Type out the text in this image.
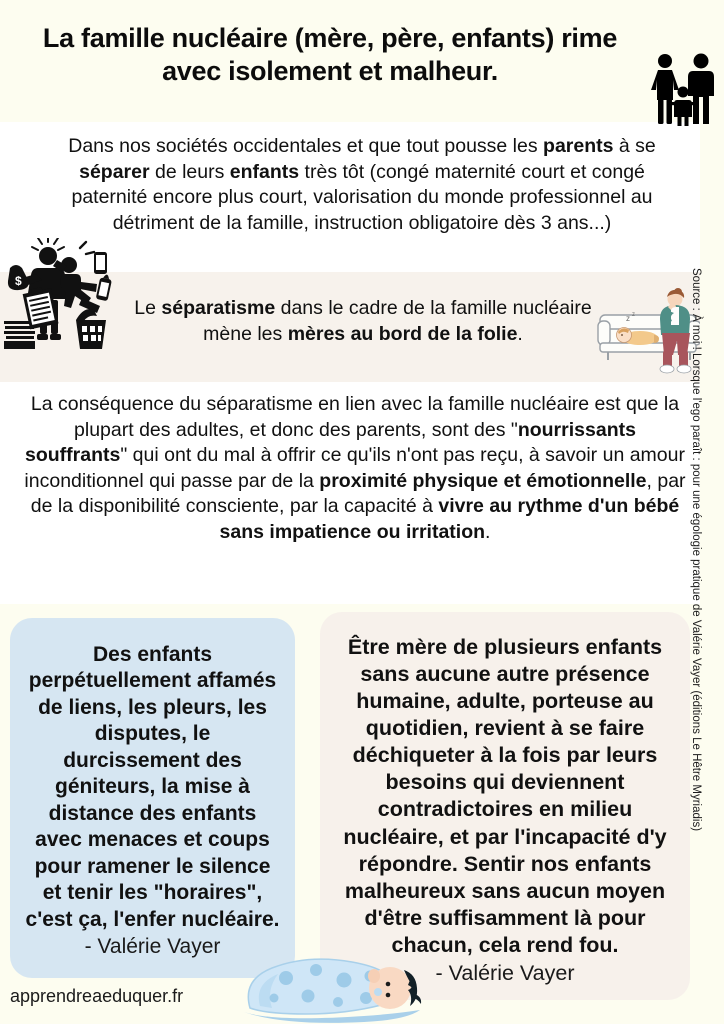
La famille nucléaire (mère, père, enfants) rime avec isolement et malheur.

Dans nos sociétés occidentales et que tout pousse les parents à se séparer de leurs enfants très tôt (congé maternité court et congé paternité encore plus court, valorisation du monde professionnel au détriment de la famille, instruction obligatoire dès 3 ans...)

$

Le séparatisme dans le cadre de la famille nucléaire mène les mères au bord de la folie.

z z

La conséquence du séparatisme en lien avec la famille nucléaire est que la plupart des adultes, et donc des parents, sont des "nourrissants souffrants" qui ont du mal à offrir ce qu'ils n'ont pas reçu, à savoir un amour inconditionnel qui passe par de la proximité physique et émotionnelle, par de la disponibilité consciente, par la capacité à vivre au rythme d'un bébé sans impatience ou irritation.

Des enfants perpétuellement affamés de liens, les pleurs, les disputes, le durcissement des géniteurs, la mise à distance des enfants avec menaces et coups pour ramener le silence et tenir les "horaires", c'est ça, l'enfer nucléaire.
- Valérie Vayer
Être mère de plusieurs enfants sans aucune autre présence humaine, adulte, porteuse au quotidien, revient à se faire déchiqueter à la fois par leurs besoins qui deviennent contradictoires en milieu nucléaire, et par l'incapacité d'y répondre. Sentir nos enfants malheureux sans aucun moyen d'être suffisamment là pour chacun, cela rend fou.
- Valérie Vayer
apprendreaeduquer.fr
Source : À moi ! Lorsque l'ego paraît : pour une égologie pratique de Valérie Vayer (éditions Le Hêtre Myriadis)
